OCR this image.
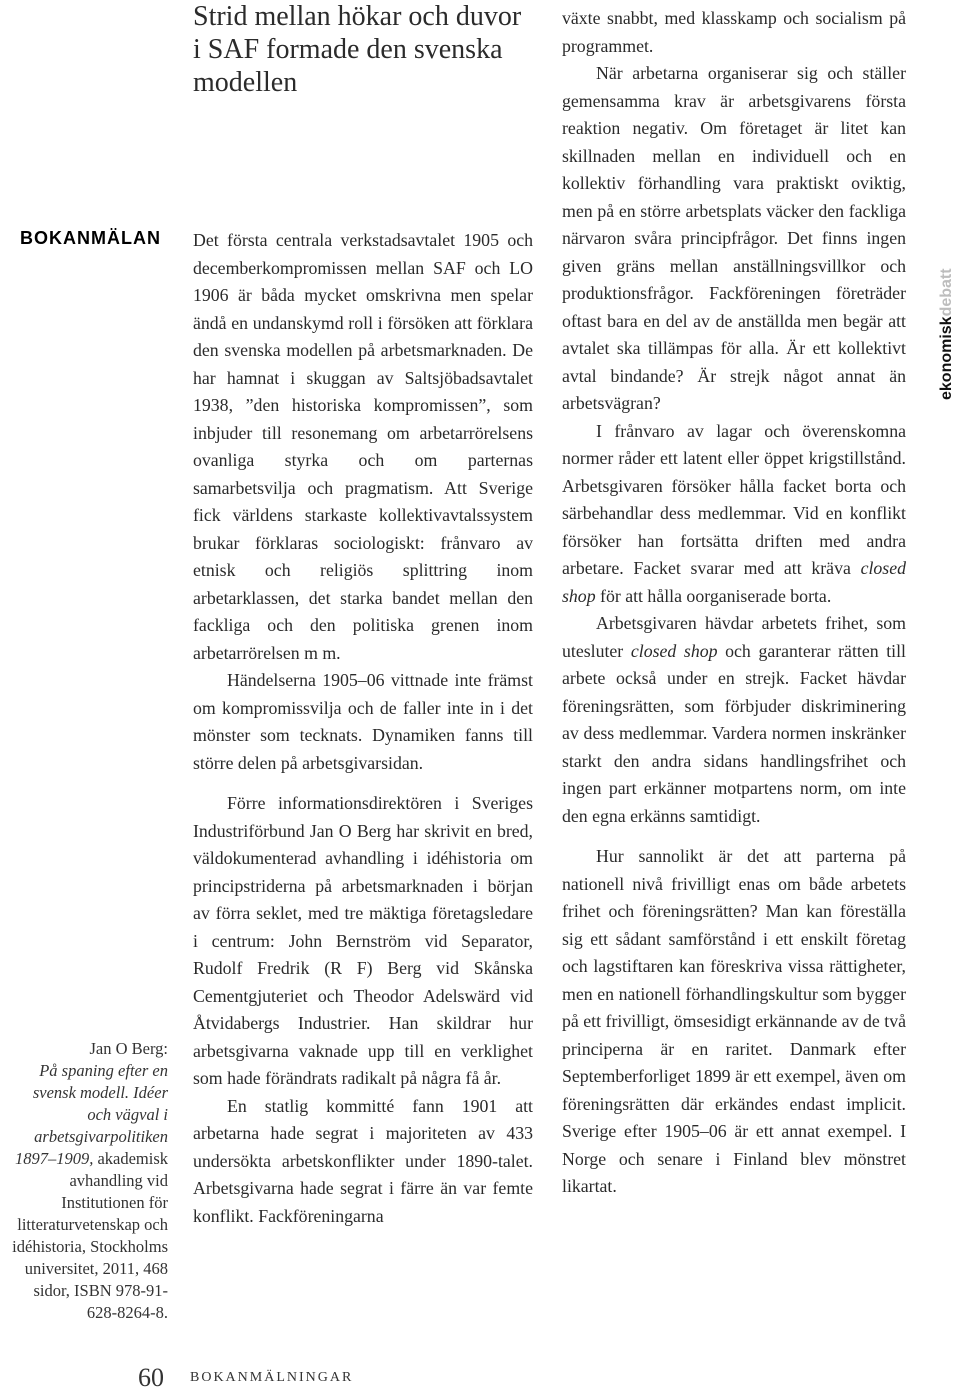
BOKANMÄLAN
Strid mellan hökar och duvor i SAF formade den svenska modellen
Jan O Berg:
På spaning efter en svensk modell. Idéer och vägval i arbetsgivarpolitiken 1897–1909, akademisk avhandling vid Institutionen för litteraturvetenskap och idéhistoria, Stockholms universitet, 2011, 468 sidor, ISBN 978-91-628-8264-8.

Det första centrala verkstadsavtalet 1905 och decemberkompromissen mellan SAF och LO 1906 är båda mycket omskrivna men spelar ändå en undanskymd roll i försöken att förklara den svenska modellen på arbetsmarknaden. De har hamnat i skuggan av Saltsjöbadsavtalet 1938, ”den historiska kompromissen”, som inbjuder till resonemang om arbetarrörelsens ovanliga styrka och om parternas samarbetsvilja och pragmatism. Att Sverige fick världens starkaste kollektivavtalssystem brukar förklaras sociologiskt: frånvaro av etnisk och religiös splittring inom arbetarklassen, det starka bandet mellan den fackliga och den politiska grenen inom arbetarrörelsen m m.

Händelserna 1905–06 vittnade inte främst om kompromissvilja och de faller inte in i det mönster som tecknats. Dynamiken fanns till större delen på arbetsgivarsidan.

Förre informationsdirektören i Sveriges Industriförbund Jan O Berg har skrivit en bred, väldokumenterad avhandling i idéhistoria om principstriderna på arbetsmarknaden i början av förra seklet, med tre mäktiga företagsledare i centrum: John Bernström vid Separator, Rudolf Fredrik (R F) Berg vid Skånska Cementgjuteriet och Theodor Adelswärd vid Åtvidabergs Industrier. Han skildrar hur arbetsgivarna vaknade upp till en verklighet som hade förändrats radikalt på några få år.

En statlig kommitté fann 1901 att arbetarna hade segrat i majoriteten av 433 undersökta arbetskonflikter under 1890-talet. Arbetsgivarna hade segrat i färre än var femte konflikt. Fackföreningarna

växte snabbt, med klasskamp och socialism på programmet.

När arbetarna organiserar sig och ställer gemensamma krav är arbetsgivarens första reaktion negativ. Om företaget är litet kan skillnaden mellan en individuell och en kollektiv förhandling vara praktiskt oviktig, men på en större arbetsplats väcker den fackliga närvaron svåra principfrågor. Det finns ingen given gräns mellan anställningsvillkor och produktionsfrågor. Fackföreningen företräder oftast bara en del av de anställda men begär att avtalet ska tillämpas för alla. Är ett kollektivt avtal bindande? Är strejk något annat än arbetsvägran?

I frånvaro av lagar och överenskomna normer råder ett latent eller öppet krigstillstånd. Arbetsgivaren försöker hålla facket borta och särbehandlar dess medlemmar. Vid en konflikt försöker han fortsätta driften med andra arbetare. Facket svarar med att kräva closed shop för att hålla oorganiserade borta.

Arbetsgivaren hävdar arbetets frihet, som utesluter closed shop och garanterar rätten till arbete också under en strejk. Facket hävdar föreningsrätten, som förbjuder diskriminering av dess medlemmar. Vardera normen inskränker starkt den andra sidans handlingsfrihet och ingen part erkänner motpartens norm, om inte den egna erkänns samtidigt.

Hur sannolikt är det att parterna på nationell nivå frivilligt enas om både arbetets frihet och föreningsrätten? Man kan föreställa sig ett sådant samförstånd i ett enskilt företag och lagstiftaren kan föreskriva vissa rättigheter, men en nationell förhandlingskultur som bygger på ett frivilligt, ömsesidigt erkännande av de två principerna är en raritet. Danmark efter Septemberforliget 1899 är ett exempel, även om föreningsrätten där erkändes endast implicit. Sverige efter 1905–06 är ett annat exempel. I Norge och senare i Finland blev mönstret likartat.

ekonomiskdebatt
60 BOKANMÄLNINGAR
